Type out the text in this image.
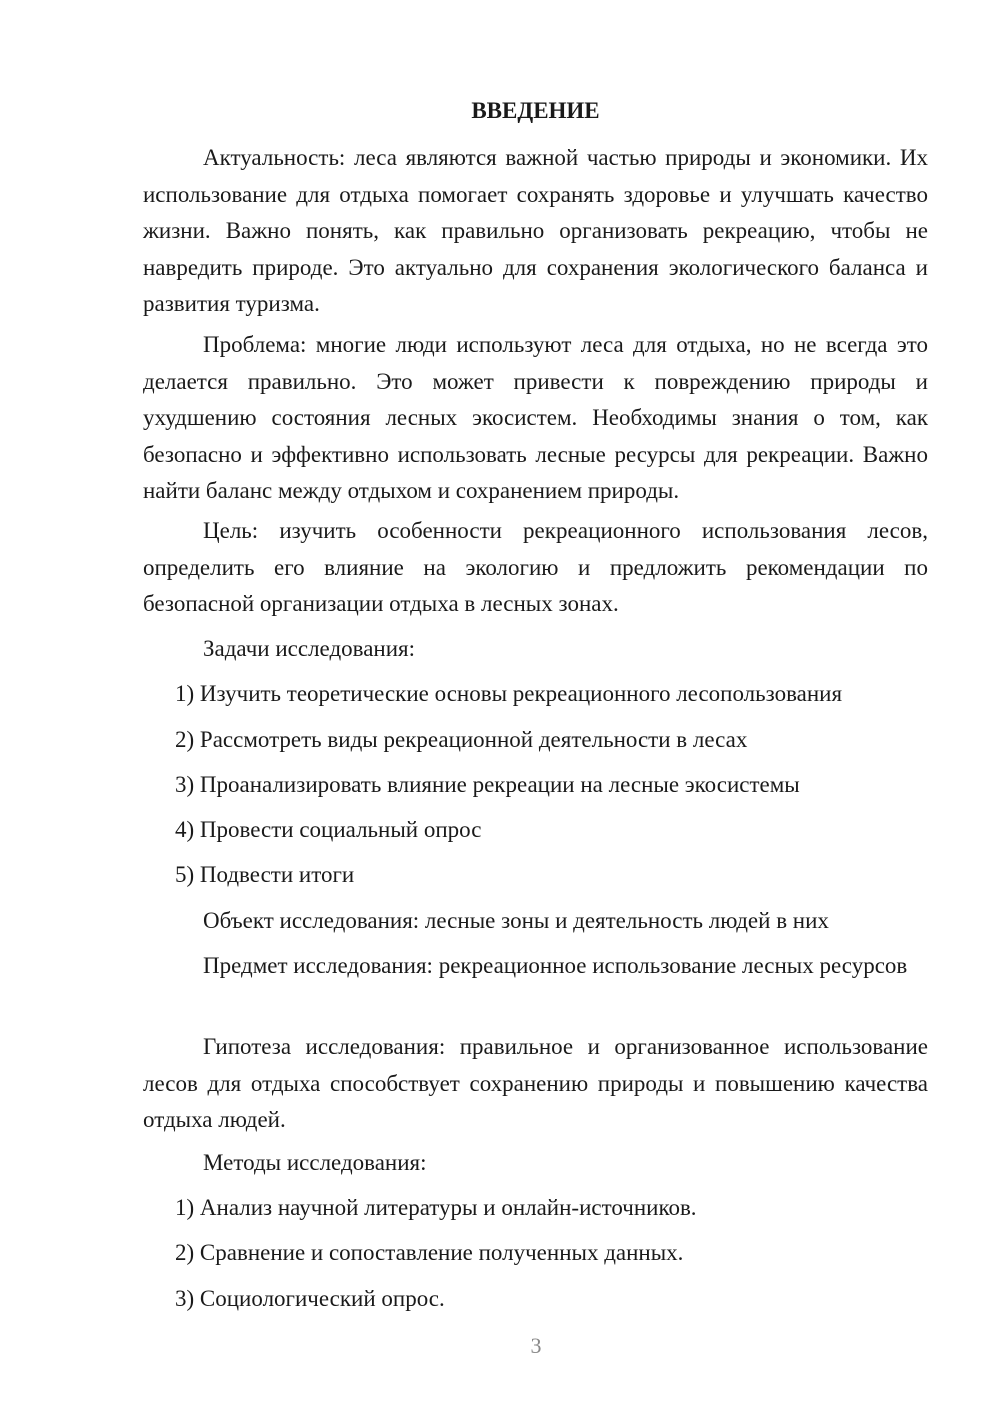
ВВЕДЕНИЕ

Актуальность: леса являются важной частью природы и экономики. Их использование для отдыха помогает сохранять здоровье и улучшать качество жизни. Важно понять, как правильно организовать рекреацию, чтобы не навредить природе. Это актуально для сохранения экологического баланса и развития туризма.

Проблема: многие люди используют леса для отдыха, но не всегда это делается правильно. Это может привести к повреждению природы и ухудшению состояния лесных экосистем. Необходимы знания о том, как безопасно и эффективно использовать лесные ресурсы для рекреации. Важно найти баланс между отдыхом и сохранением природы.

Цель: изучить особенности рекреационного использования лесов, определить его влияние на экологию и предложить рекомендации по безопасной организации отдыха в лесных зонах.

Задачи исследования:
1) Изучить теоретические основы рекреационного лесопользования
2) Рассмотреть виды рекреационной деятельности в лесах
3) Проанализировать влияние рекреации на лесные экосистемы
4) Провести социальный опрос
5) Подвести итоги
Объект исследования: лесные зоны и деятельность людей в них

Предмет исследования: рекреационное использование лесных ресурсов

Гипотеза исследования: правильное и организованное использование лесов для отдыха способствует сохранению природы и повышению качества отдыха людей.

Методы исследования:
1) Анализ научной литературы и онлайн-источников.
2) Сравнение и сопоставление полученных данных.
3) Социологический опрос.
3
